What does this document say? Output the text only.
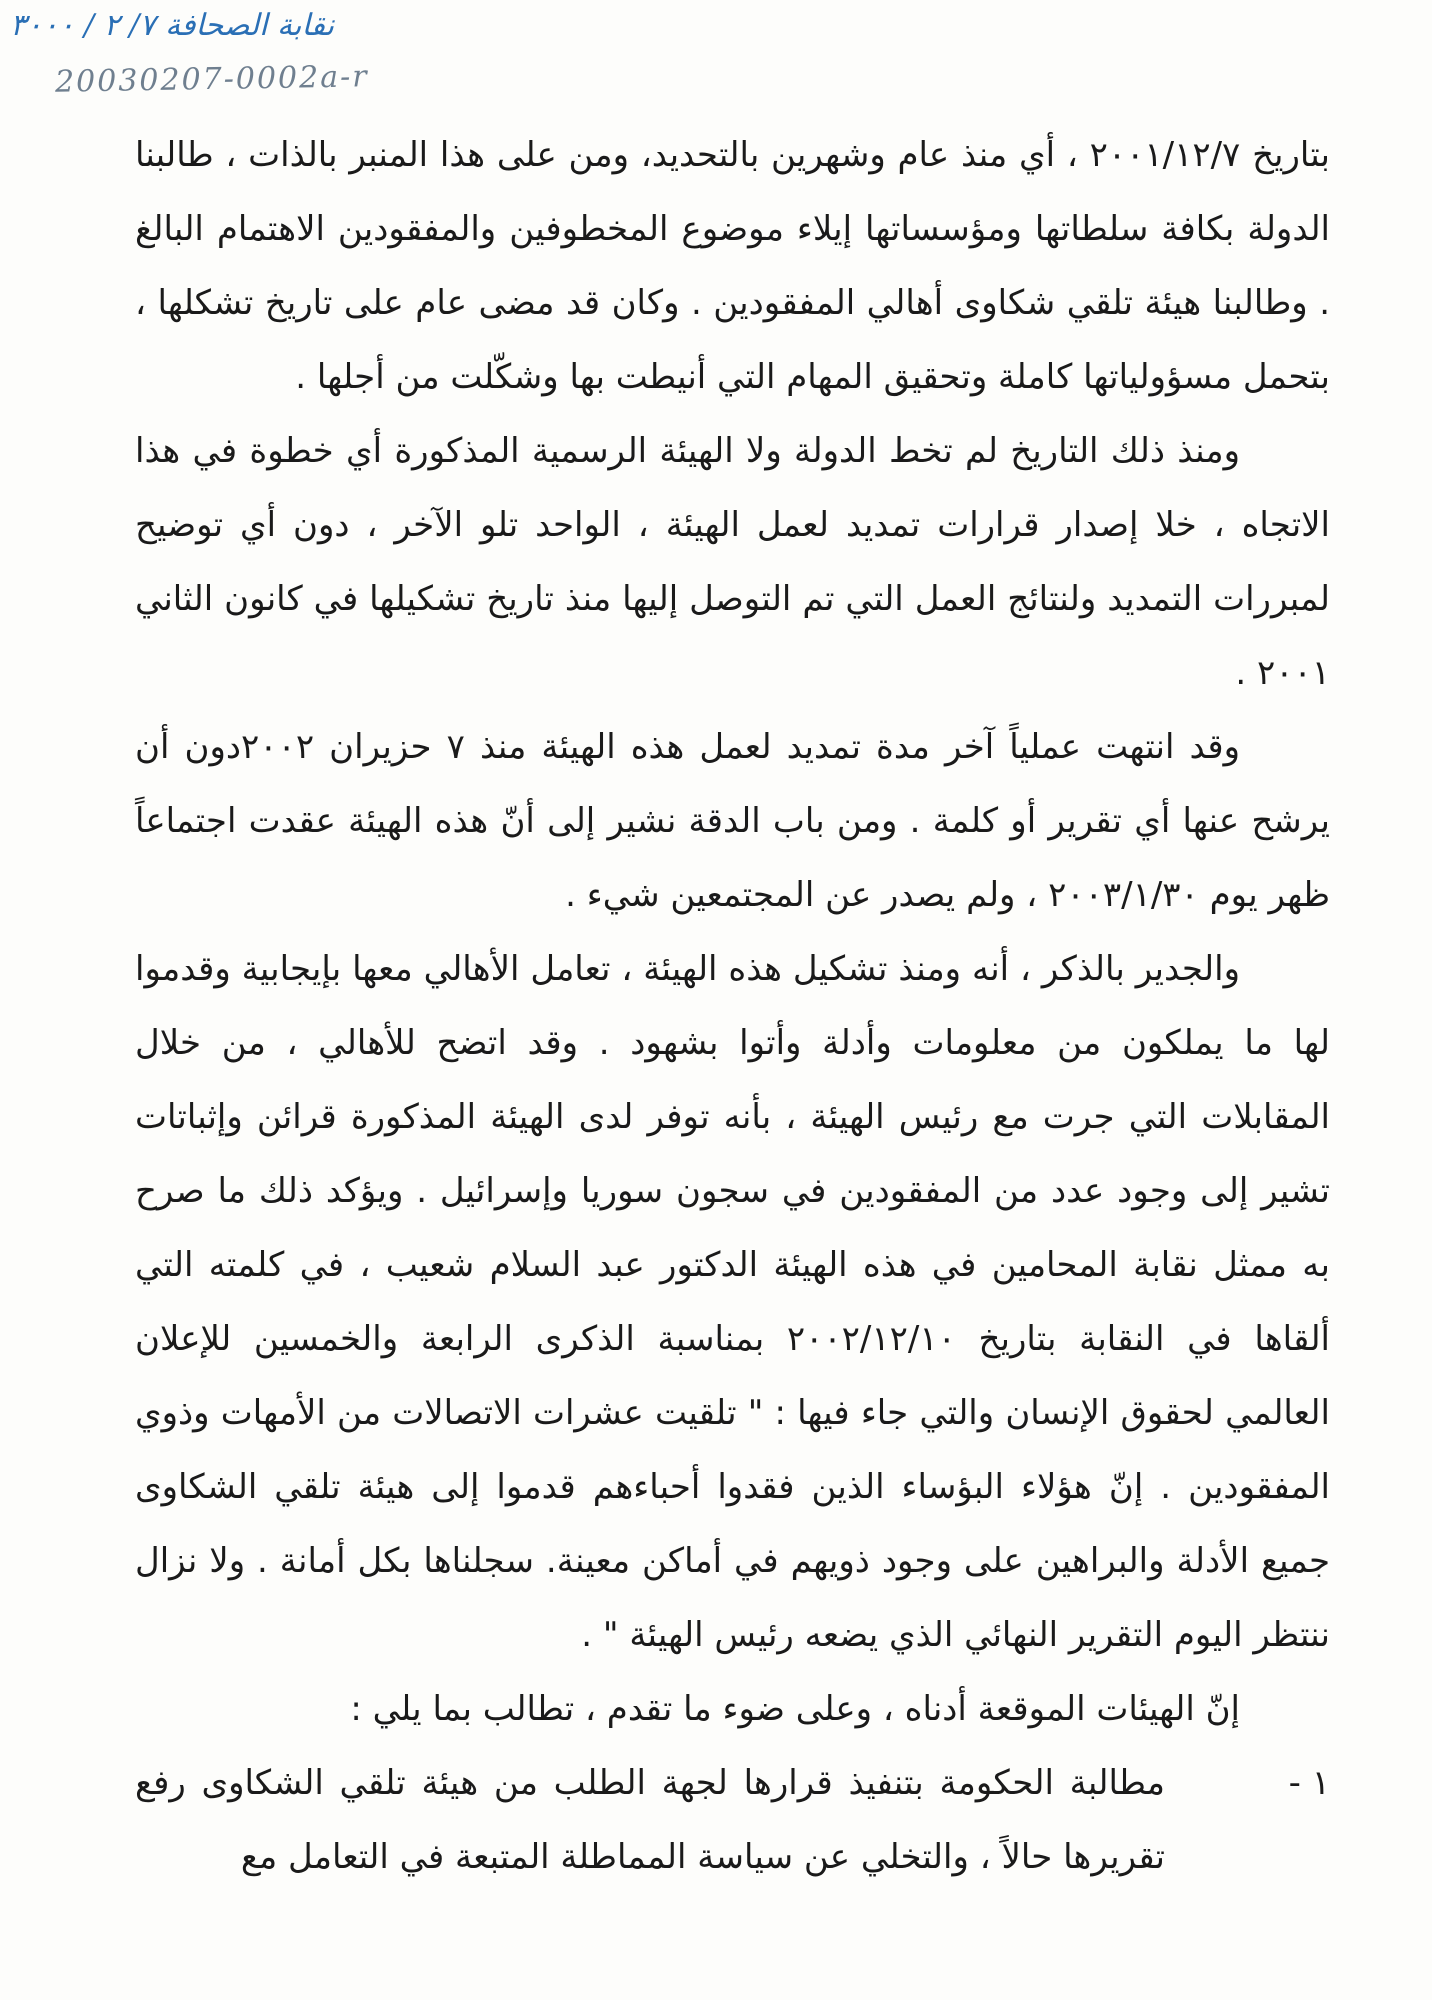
نقابة الصحافة ٧/ ٢ / ٣٠٠٠
20030207-0002a-r

بتاريخ ٢٠٠١/١٢/٧ ، أي منذ عام وشهرين بالتحديد، ومن على هذا المنبر بالذات ، طالبنا الدولة بكافة سلطاتها ومؤسساتها إيلاء موضوع المخطوفين والمفقودين الاهتمام البالغ . وطالبنا هيئة تلقي شكاوى أهالي المفقودين . وكان قد مضى عام على تاريخ تشكلها ، بتحمل مسؤولياتها كاملة وتحقيق المهام التي أنيطت بها وشكّلت من أجلها .

ومنذ ذلك التاريخ لم تخط الدولة ولا الهيئة الرسمية المذكورة أي خطوة في هذا الاتجاه ، خلا إصدار قرارات تمديد لعمل الهيئة ، الواحد تلو الآخر ، دون أي توضيح لمبررات التمديد ولنتائج العمل التي تم التوصل إليها منذ تاريخ تشكيلها في كانون الثاني ٢٠٠١ .

وقد انتهت عملياً آخر مدة تمديد لعمل هذه الهيئة منذ ٧ حزيران ٢٠٠٢دون أن يرشح عنها أي تقرير أو كلمة . ومن باب الدقة نشير إلى أنّ هذه الهيئة عقدت اجتماعاً ظهر يوم ٢٠٠٣/١/٣٠ ، ولم يصدر عن المجتمعين شيء .

والجدير بالذكر ، أنه ومنذ تشكيل هذه الهيئة ، تعامل الأهالي معها بإيجابية وقدموا لها ما يملكون من معلومات وأدلة وأتوا بشهود . وقد اتضح للأهالي ، من خلال المقابلات التي جرت مع رئيس الهيئة ، بأنه توفر لدى الهيئة المذكورة قرائن وإثباتات تشير إلى وجود عدد من المفقودين في سجون سوريا وإسرائيل . ويؤكد ذلك ما صرح به ممثل نقابة المحامين في هذه الهيئة الدكتور عبد السلام شعيب ، في كلمته التي ألقاها في النقابة بتاريخ ٢٠٠٢/١٢/١٠ بمناسبة الذكرى الرابعة والخمسين للإعلان العالمي لحقوق الإنسان والتي جاء فيها : " تلقيت عشرات الاتصالات من الأمهات وذوي المفقودين . إنّ هؤلاء البؤساء الذين فقدوا أحباءهم قدموا إلى هيئة تلقي الشكاوى جميع الأدلة والبراهين على وجود ذويهم في أماكن معينة. سجلناها بكل أمانة . ولا نزال ننتظر اليوم التقرير النهائي الذي يضعه رئيس الهيئة " .

إنّ الهيئات الموقعة أدناه ، وعلى ضوء ما تقدم ، تطالب بما يلي :

١ -
مطالبة الحكومة بتنفيذ قرارها لجهة الطلب من هيئة تلقي الشكاوى رفع تقريرها حالاً ، والتخلي عن سياسة المماطلة المتبعة في التعامل مع
